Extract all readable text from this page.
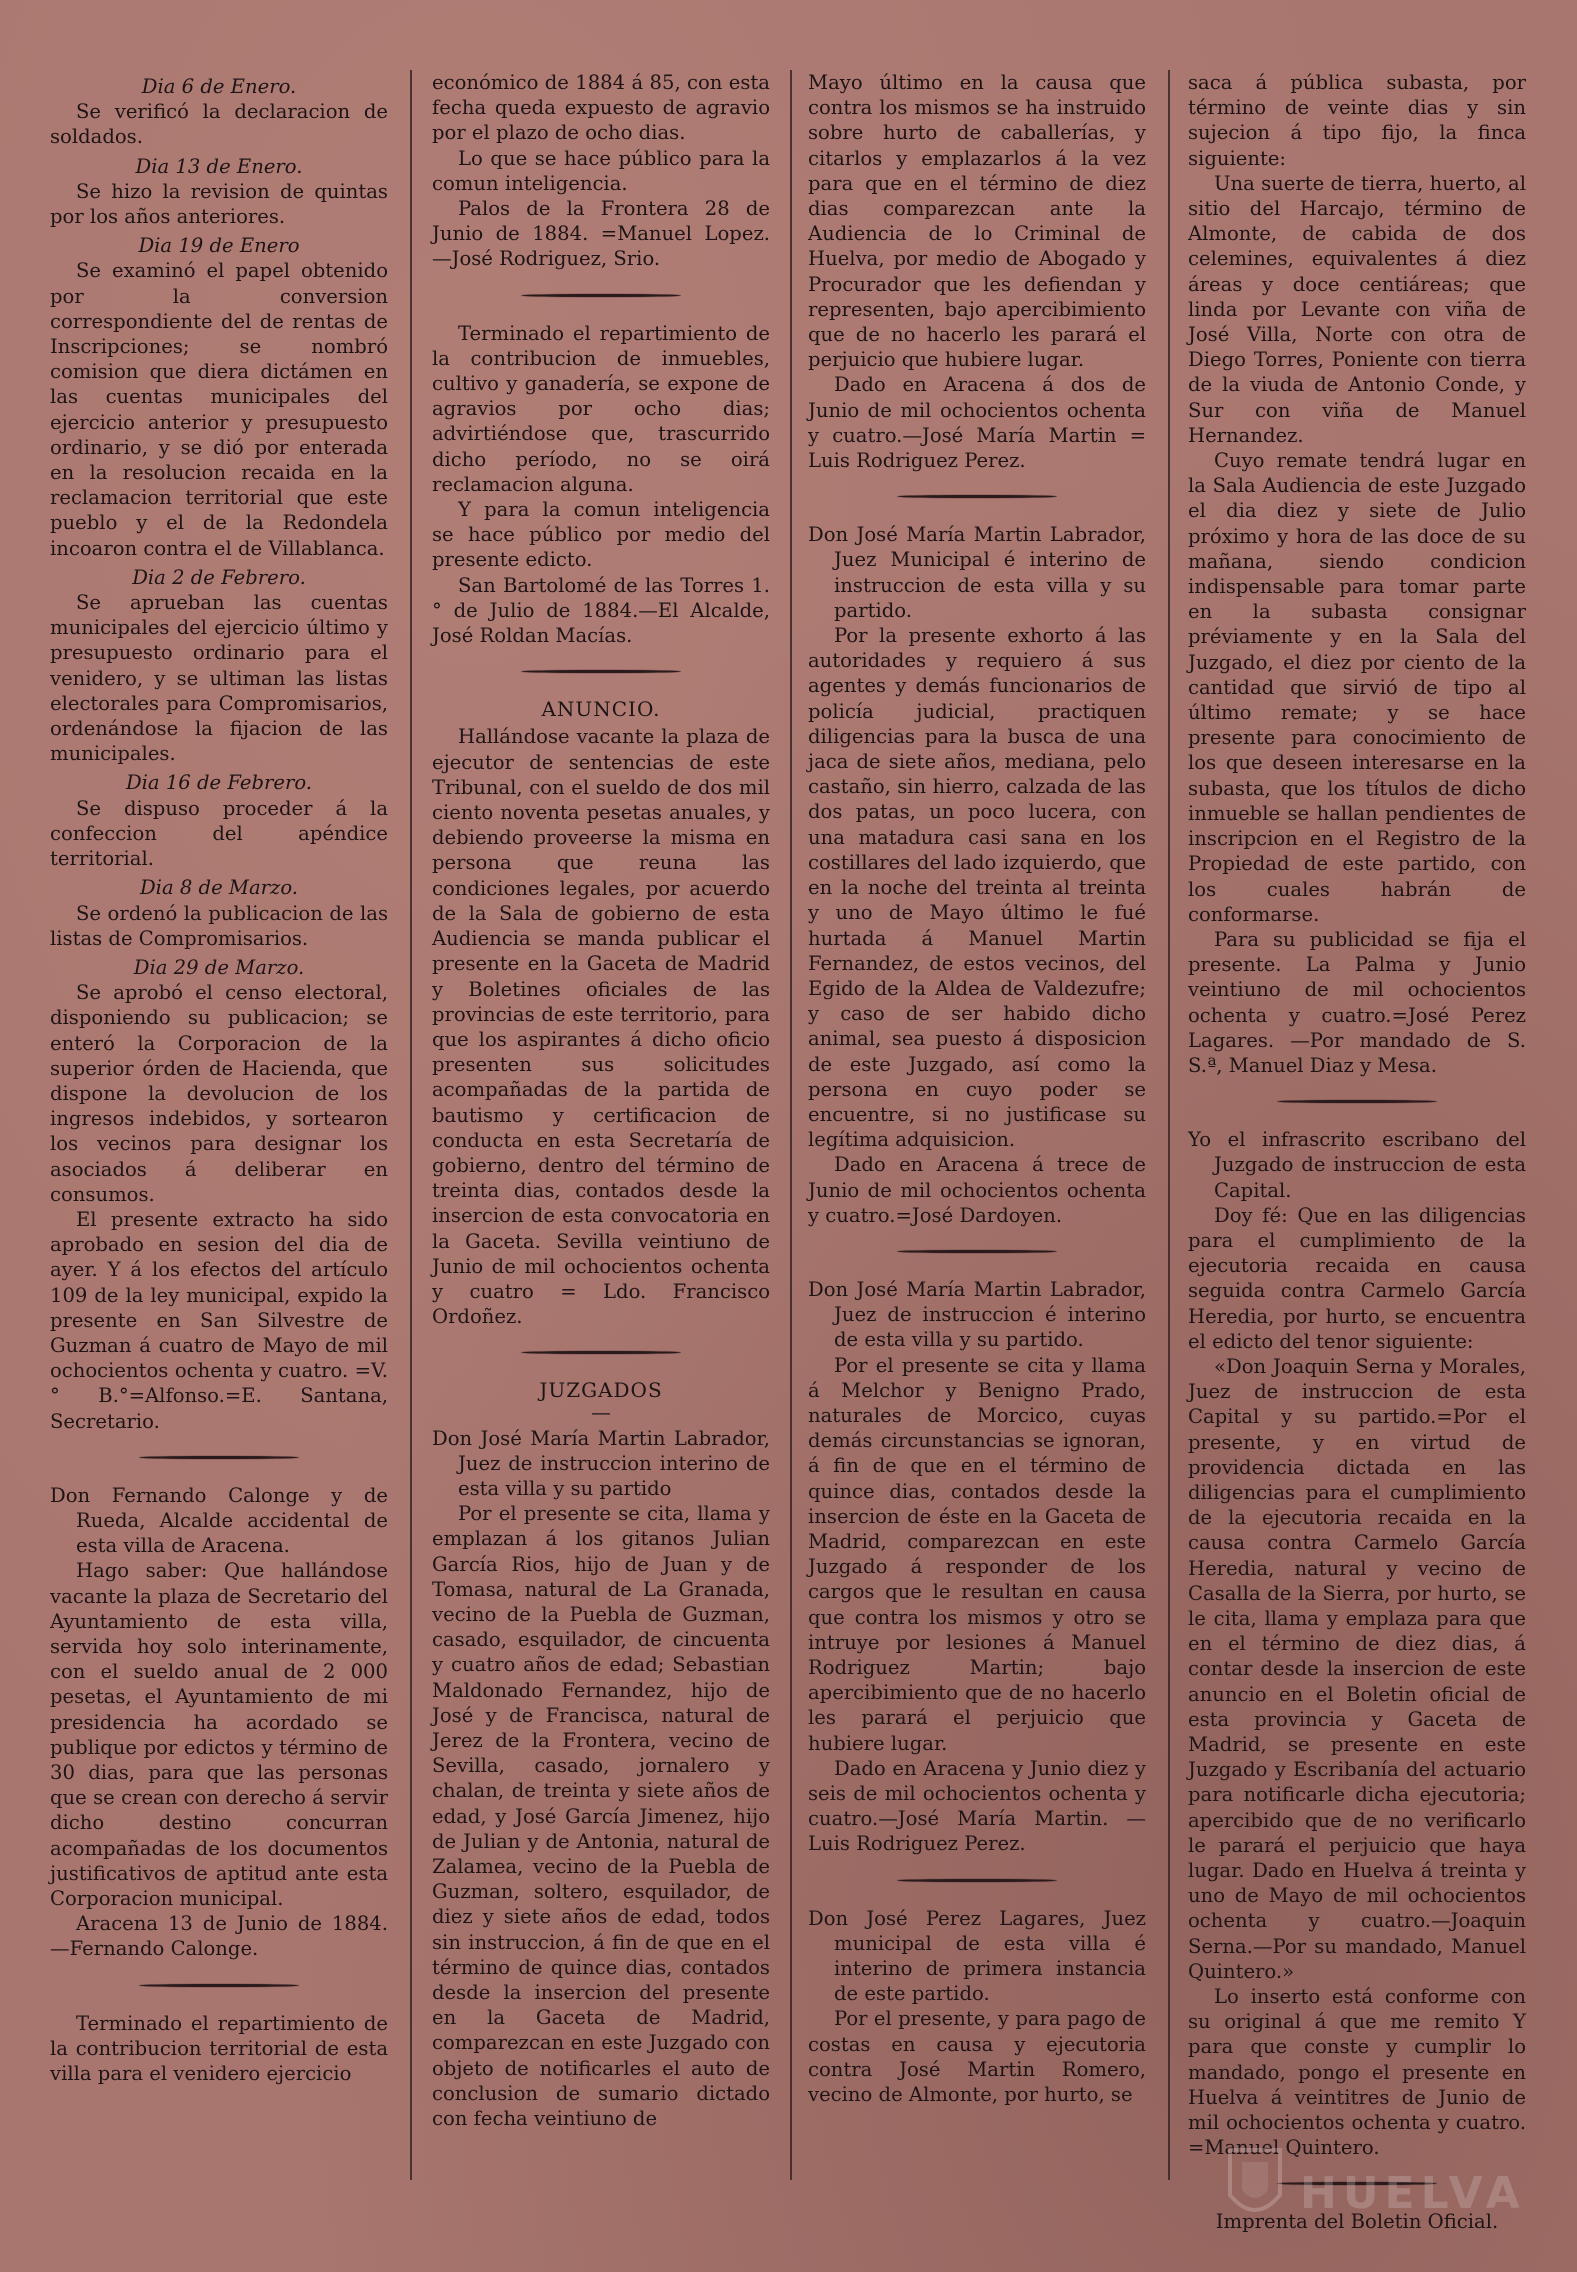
Dia 6 de Enero.

Se verificó la declaracion de soldados.

Dia 13 de Enero.

Se hizo la revision de quintas por los años anteriores.

Dia 19 de Enero

Se examinó el papel obtenido por la conversion correspondiente del de rentas de Inscripciones; se nombró comision que diera dictámen en las cuentas municipales del ejercicio anterior y presupuesto ordinario, y se dió por enterada en la resolucion recaida en la reclamacion territorial que este pueblo y el de la Redondela incoaron contra el de Villablanca.

Dia 2 de Febrero.

Se aprueban las cuentas municipales del ejercicio último y presupuesto ordinario para el venidero, y se ultiman las listas electorales para Compromisarios, ordenándose la fijacion de las municipales.

Dia 16 de Febrero.

Se dispuso proceder á la confeccion del apéndice territorial.

Dia 8 de Marzo.

Se ordenó la publicacion de las listas de Compromisarios.

Dia 29 de Marzo.

Se aprobó el censo electoral, disponiendo su publicacion; se enteró la Corporacion de la superior órden de Hacienda, que dispone la devolucion de los ingresos indebidos, y sortearon los vecinos para designar los asociados á deliberar en consumos.

El presente extracto ha sido aprobado en sesion del dia de ayer. Y á los efectos del artículo 109 de la ley municipal, expido la presente en San Silvestre de Guzman á cuatro de Mayo de mil ochocientos ochenta y cuatro. =V.° B.°=Alfonso.=E. Santana, Secretario.

Don Fernando Calonge y de Rueda, Alcalde accidental de esta villa de Aracena.

Hago saber: Que hallándose vacante la plaza de Secretario del Ayuntamiento de esta villa, servida hoy solo interinamente, con el sueldo anual de 2 000 pesetas, el Ayuntamiento de mi presidencia ha acordado se publique por edictos y término de 30 dias, para que las personas que se crean con derecho á servir dicho destino concurran acompañadas de los documentos justificativos de aptitud ante esta Corporacion municipal.

Aracena 13 de Junio de 1884. —Fernando Calonge.

Terminado el repartimiento de la contribucion territorial de esta villa para el venidero ejercicio

económico de 1884 á 85, con esta fecha queda expuesto de agravio por el plazo de ocho dias.

Lo que se hace público para la comun inteligencia.

Palos de la Frontera 28 de Junio de 1884. =Manuel Lopez. —José Rodriguez, Srio.

Terminado el repartimiento de la contribucion de inmuebles, cultivo y ganadería, se expone de agravios por ocho dias; advirtiéndose que, trascurrido dicho período, no se oirá reclamacion alguna.

Y para la comun inteligencia se hace público por medio del presente edicto.

San Bartolomé de las Torres 1.° de Julio de 1884.—El Alcalde, José Roldan Macías.

ANUNCIO.

Hallándose vacante la plaza de ejecutor de sentencias de este Tribunal, con el sueldo de dos mil ciento noventa pesetas anuales, y debiendo proveerse la misma en persona que reuna las condiciones legales, por acuerdo de la Sala de gobierno de esta Audiencia se manda publicar el presente en la Gaceta de Madrid y Boletines oficiales de las provincias de este territorio, para que los aspirantes á dicho oficio presenten sus solicitudes acompañadas de la partida de bautismo y certificacion de conducta en esta Secretaría de gobierno, dentro del término de treinta dias, contados desde la insercion de esta convocatoria en la Gaceta. Sevilla veintiuno de Junio de mil ochocientos ochenta y cuatro = Ldo. Francisco Ordoñez.

JUZGADOS

—

Don José María Martin Labrador, Juez de instruccion interino de esta villa y su partido

Por el presente se cita, llama y emplazan á los gitanos Julian García Rios, hijo de Juan y de Tomasa, natural de La Granada, vecino de la Puebla de Guzman, casado, esquilador, de cincuenta y cuatro años de edad; Sebastian Maldonado Fernandez, hijo de José y de Francisca, natural de Jerez de la Frontera, vecino de Sevilla, casado, jornalero y chalan, de treinta y siete años de edad, y José García Jimenez, hijo de Julian y de Antonia, natural de Zalamea, vecino de la Puebla de Guzman, soltero, esquilador, de diez y siete años de edad, todos sin instruccion, á fin de que en el término de quince dias, contados desde la insercion del presente en la Gaceta de Madrid, comparezcan en este Juzgado con objeto de notificarles el auto de conclusion de sumario dictado con fecha veintiuno de

Mayo último en la causa que contra los mismos se ha instruido sobre hurto de caballerías, y citarlos y emplazarlos á la vez para que en el término de diez dias comparezcan ante la Audiencia de lo Criminal de Huelva, por medio de Abogado y Procurador que les defiendan y representen, bajo apercibimiento que de no hacerlo les parará el perjuicio que hubiere lugar.

Dado en Aracena á dos de Junio de mil ochocientos ochenta y cuatro.—José María Martin = Luis Rodriguez Perez.

Don José María Martin Labrador, Juez Municipal é interino de instruccion de esta villa y su partido.

Por la presente exhorto á las autoridades y requiero á sus agentes y demás funcionarios de policía judicial, practiquen diligencias para la busca de una jaca de siete años, mediana, pelo castaño, sin hierro, calzada de las dos patas, un poco lucera, con una matadura casi sana en los costillares del lado izquierdo, que en la noche del treinta al treinta y uno de Mayo último le fué hurtada á Manuel Martin Fernandez, de estos vecinos, del Egido de la Aldea de Valdezufre; y caso de ser habido dicho animal, sea puesto á disposicion de este Juzgado, así como la persona en cuyo poder se encuentre, si no justificase su legítima adquisicion.

Dado en Aracena á trece de Junio de mil ochocientos ochenta y cuatro.=José Dardoyen.

Don José María Martin Labrador, Juez de instruccion é interino de esta villa y su partido.

Por el presente se cita y llama á Melchor y Benigno Prado, naturales de Morcico, cuyas demás circunstancias se ignoran, á fin de que en el término de quince dias, contados desde la insercion de éste en la Gaceta de Madrid, comparezcan en este Juzgado á responder de los cargos que le resultan en causa que contra los mismos y otro se intruye por lesiones á Manuel Rodriguez Martin; bajo apercibimiento que de no hacerlo les parará el perjuicio que hubiere lugar.

Dado en Aracena y Junio diez y seis de mil ochocientos ochenta y cuatro.—José María Martin. —Luis Rodriguez Perez.

Don José Perez Lagares, Juez municipal de esta villa é interino de primera instancia de este partido.

Por el presente, y para pago de costas en causa y ejecutoria contra José Martin Romero, vecino de Almonte, por hurto, se

saca á pública subasta, por término de veinte dias y sin sujecion á tipo fijo, la finca siguiente:

Una suerte de tierra, huerto, al sitio del Harcajo, término de Almonte, de cabida de dos celemines, equivalentes á diez áreas y doce centiáreas; que linda por Levante con viña de José Villa, Norte con otra de Diego Torres, Poniente con tierra de la viuda de Antonio Conde, y Sur con viña de Manuel Hernandez.

Cuyo remate tendrá lugar en la Sala Audiencia de este Juzgado el dia diez y siete de Julio próximo y hora de las doce de su mañana, siendo condicion indispensable para tomar parte en la subasta consignar préviamente y en la Sala del Juzgado, el diez por ciento de la cantidad que sirvió de tipo al último remate; y se hace presente para conocimiento de los que deseen interesarse en la subasta, que los títulos de dicho inmueble se hallan pendientes de inscripcion en el Registro de la Propiedad de este partido, con los cuales habrán de conformarse.

Para su publicidad se fija el presente. La Palma y Junio veintiuno de mil ochocientos ochenta y cuatro.=José Perez Lagares. —Por mandado de S. S.ª, Manuel Diaz y Mesa.

Yo el infrascrito escribano del Juzgado de instruccion de esta Capital.

Doy fé: Que en las diligencias para el cumplimiento de la ejecutoria recaida en causa seguida contra Carmelo García Heredia, por hurto, se encuentra el edicto del tenor siguiente:

«Don Joaquin Serna y Morales, Juez de instruccion de esta Capital y su partido.=Por el presente, y en virtud de providencia dictada en las diligencias para el cumplimiento de la ejecutoria recaida en la causa contra Carmelo García Heredia, natural y vecino de Casalla de la Sierra, por hurto, se le cita, llama y emplaza para que en el término de diez dias, á contar desde la insercion de este anuncio en el Boletin oficial de esta provincia y Gaceta de Madrid, se presente en este Juzgado y Escribanía del actuario para notificarle dicha ejecutoria; apercibido que de no verificarlo le parará el perjuicio que haya lugar. Dado en Huelva á treinta y uno de Mayo de mil ochocientos ochenta y cuatro.—Joaquin Serna.—Por su mandado, Manuel Quintero.»

Lo inserto está conforme con su original á que me remito Y para que conste y cumplir lo mandado, pongo el presente en Huelva á veintitres de Junio de mil ochocientos ochenta y cuatro. =Manuel Quintero.

Imprenta del Boletin Oficial.

HUELVA
